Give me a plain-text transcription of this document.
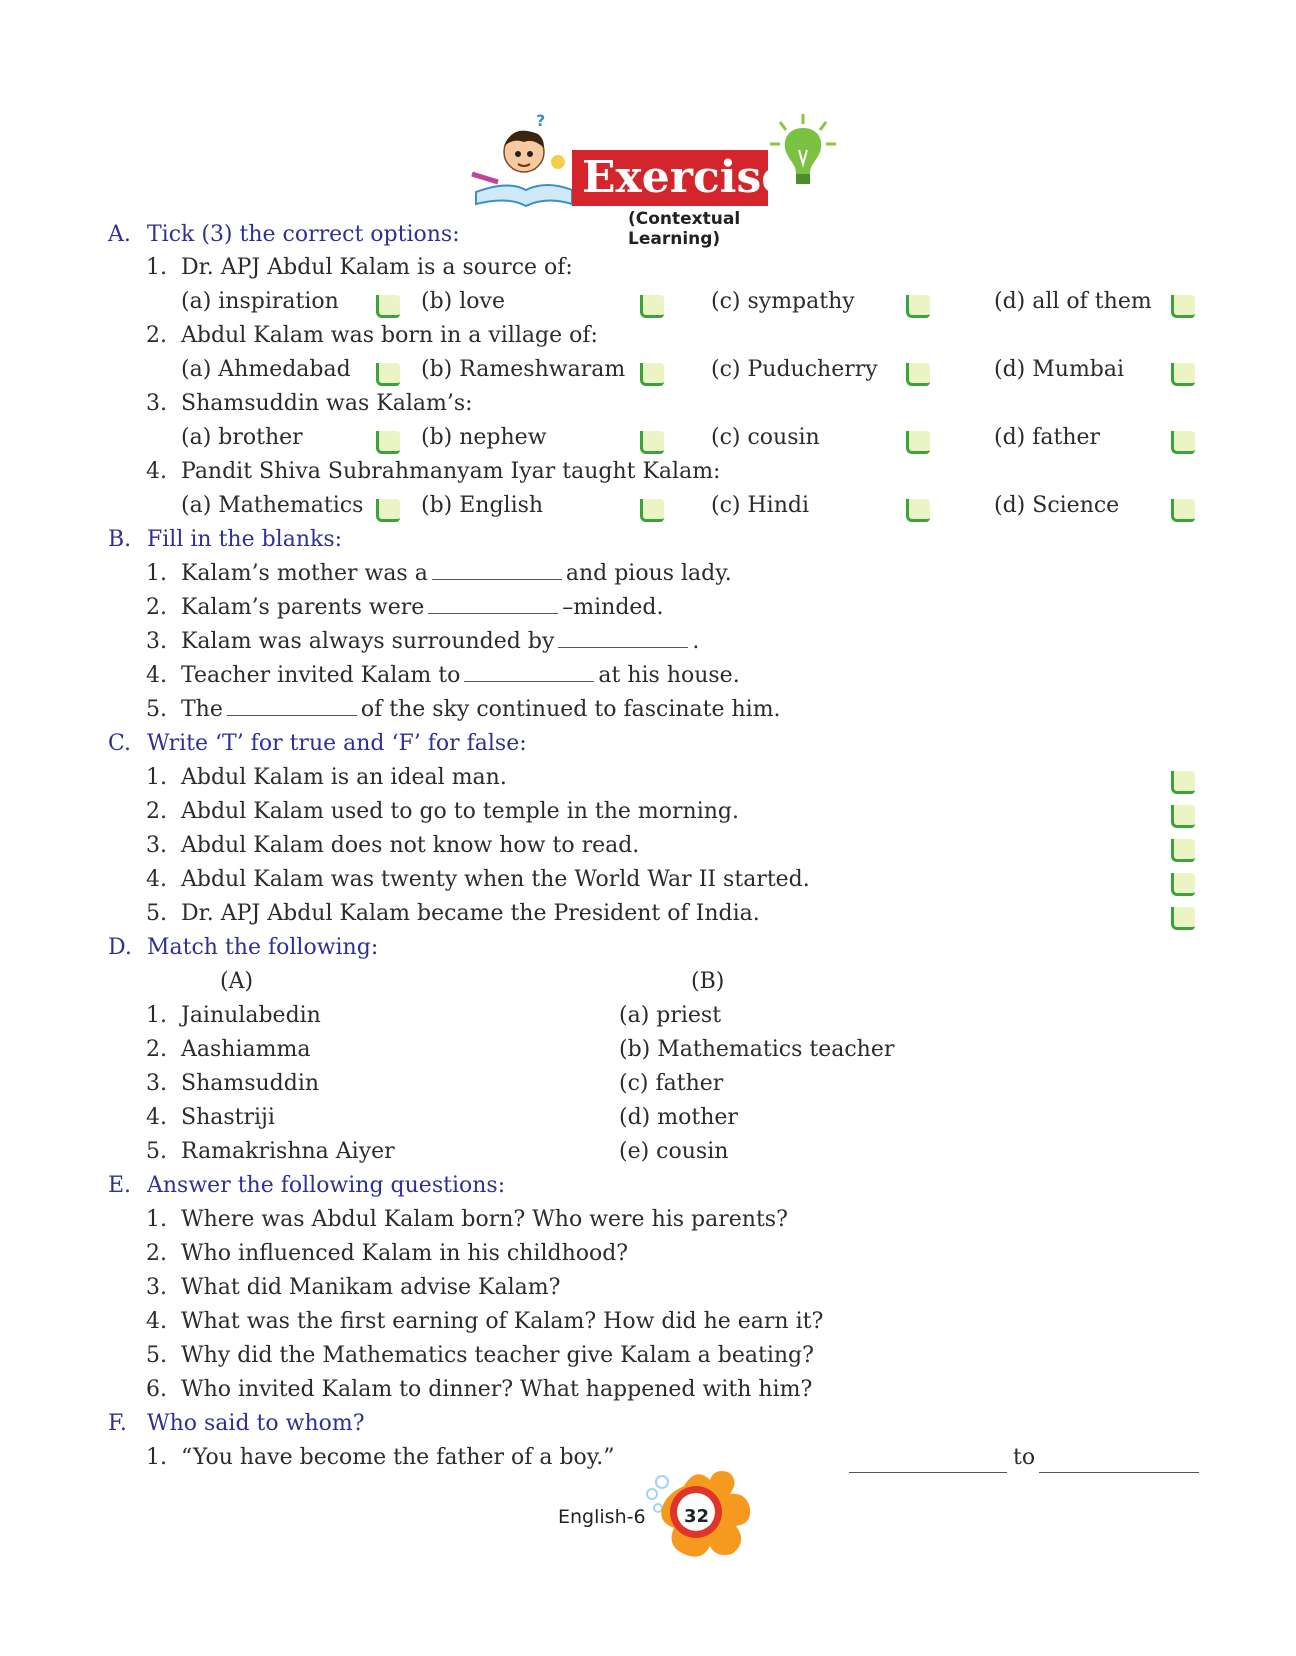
?
Exercise
(Contextual Learning)
A. Tick (3) the correct options:
1. Dr. APJ Abdul Kalam is a source of:
(a) inspiration	(b) love	(c) sympathy	(d) all of them
2. Abdul Kalam was born in a village of:
(a) Ahmedabad	(b) Rameshwaram	(c) Puducherry	(d) Mumbai
3. Shamsuddin was Kalam’s:
(a) brother	(b) nephew	(c) cousin	(d) father
4. Pandit Shiva Subrahmanyam Iyar taught Kalam:
(a) Mathematics	(b) English	(c) Hindi	(d) Science
B. Fill in the blanks:
1. Kalam’s mother was a	and pious lady.
2. Kalam’s parents were	–minded.
3. Kalam was always surrounded by	.
4. Teacher invited Kalam to	at his house.
5. The	of the sky continued to fascinate him.
C. Write ‘T’ for true and ‘F’ for false:
1. Abdul Kalam is an ideal man.
2. Abdul Kalam used to go to temple in the morning.
3. Abdul Kalam does not know how to read.
4. Abdul Kalam was twenty when the World War II started.
5. Dr. APJ Abdul Kalam became the President of India.
D. Match the following:
(A)	(B)
1. Jainulabedin	(a) priest
2. Aashiamma	(b) Mathematics teacher
3. Shamsuddin	(c) father
4. Shastriji	(d) mother
5. Ramakrishna Aiyer	(e) cousin
E. Answer the following questions:
1. Where was Abdul Kalam born? Who were his parents?
2. Who influenced Kalam in his childhood?
3. What did Manikam advise Kalam?
4. What was the first earning of Kalam? How did he earn it?
5. Why did the Mathematics teacher give Kalam a beating?
6. Who invited Kalam to dinner? What happened with him?
F. Who said to whom?
1. “You have become the father of a boy.”	to
English-6 32
